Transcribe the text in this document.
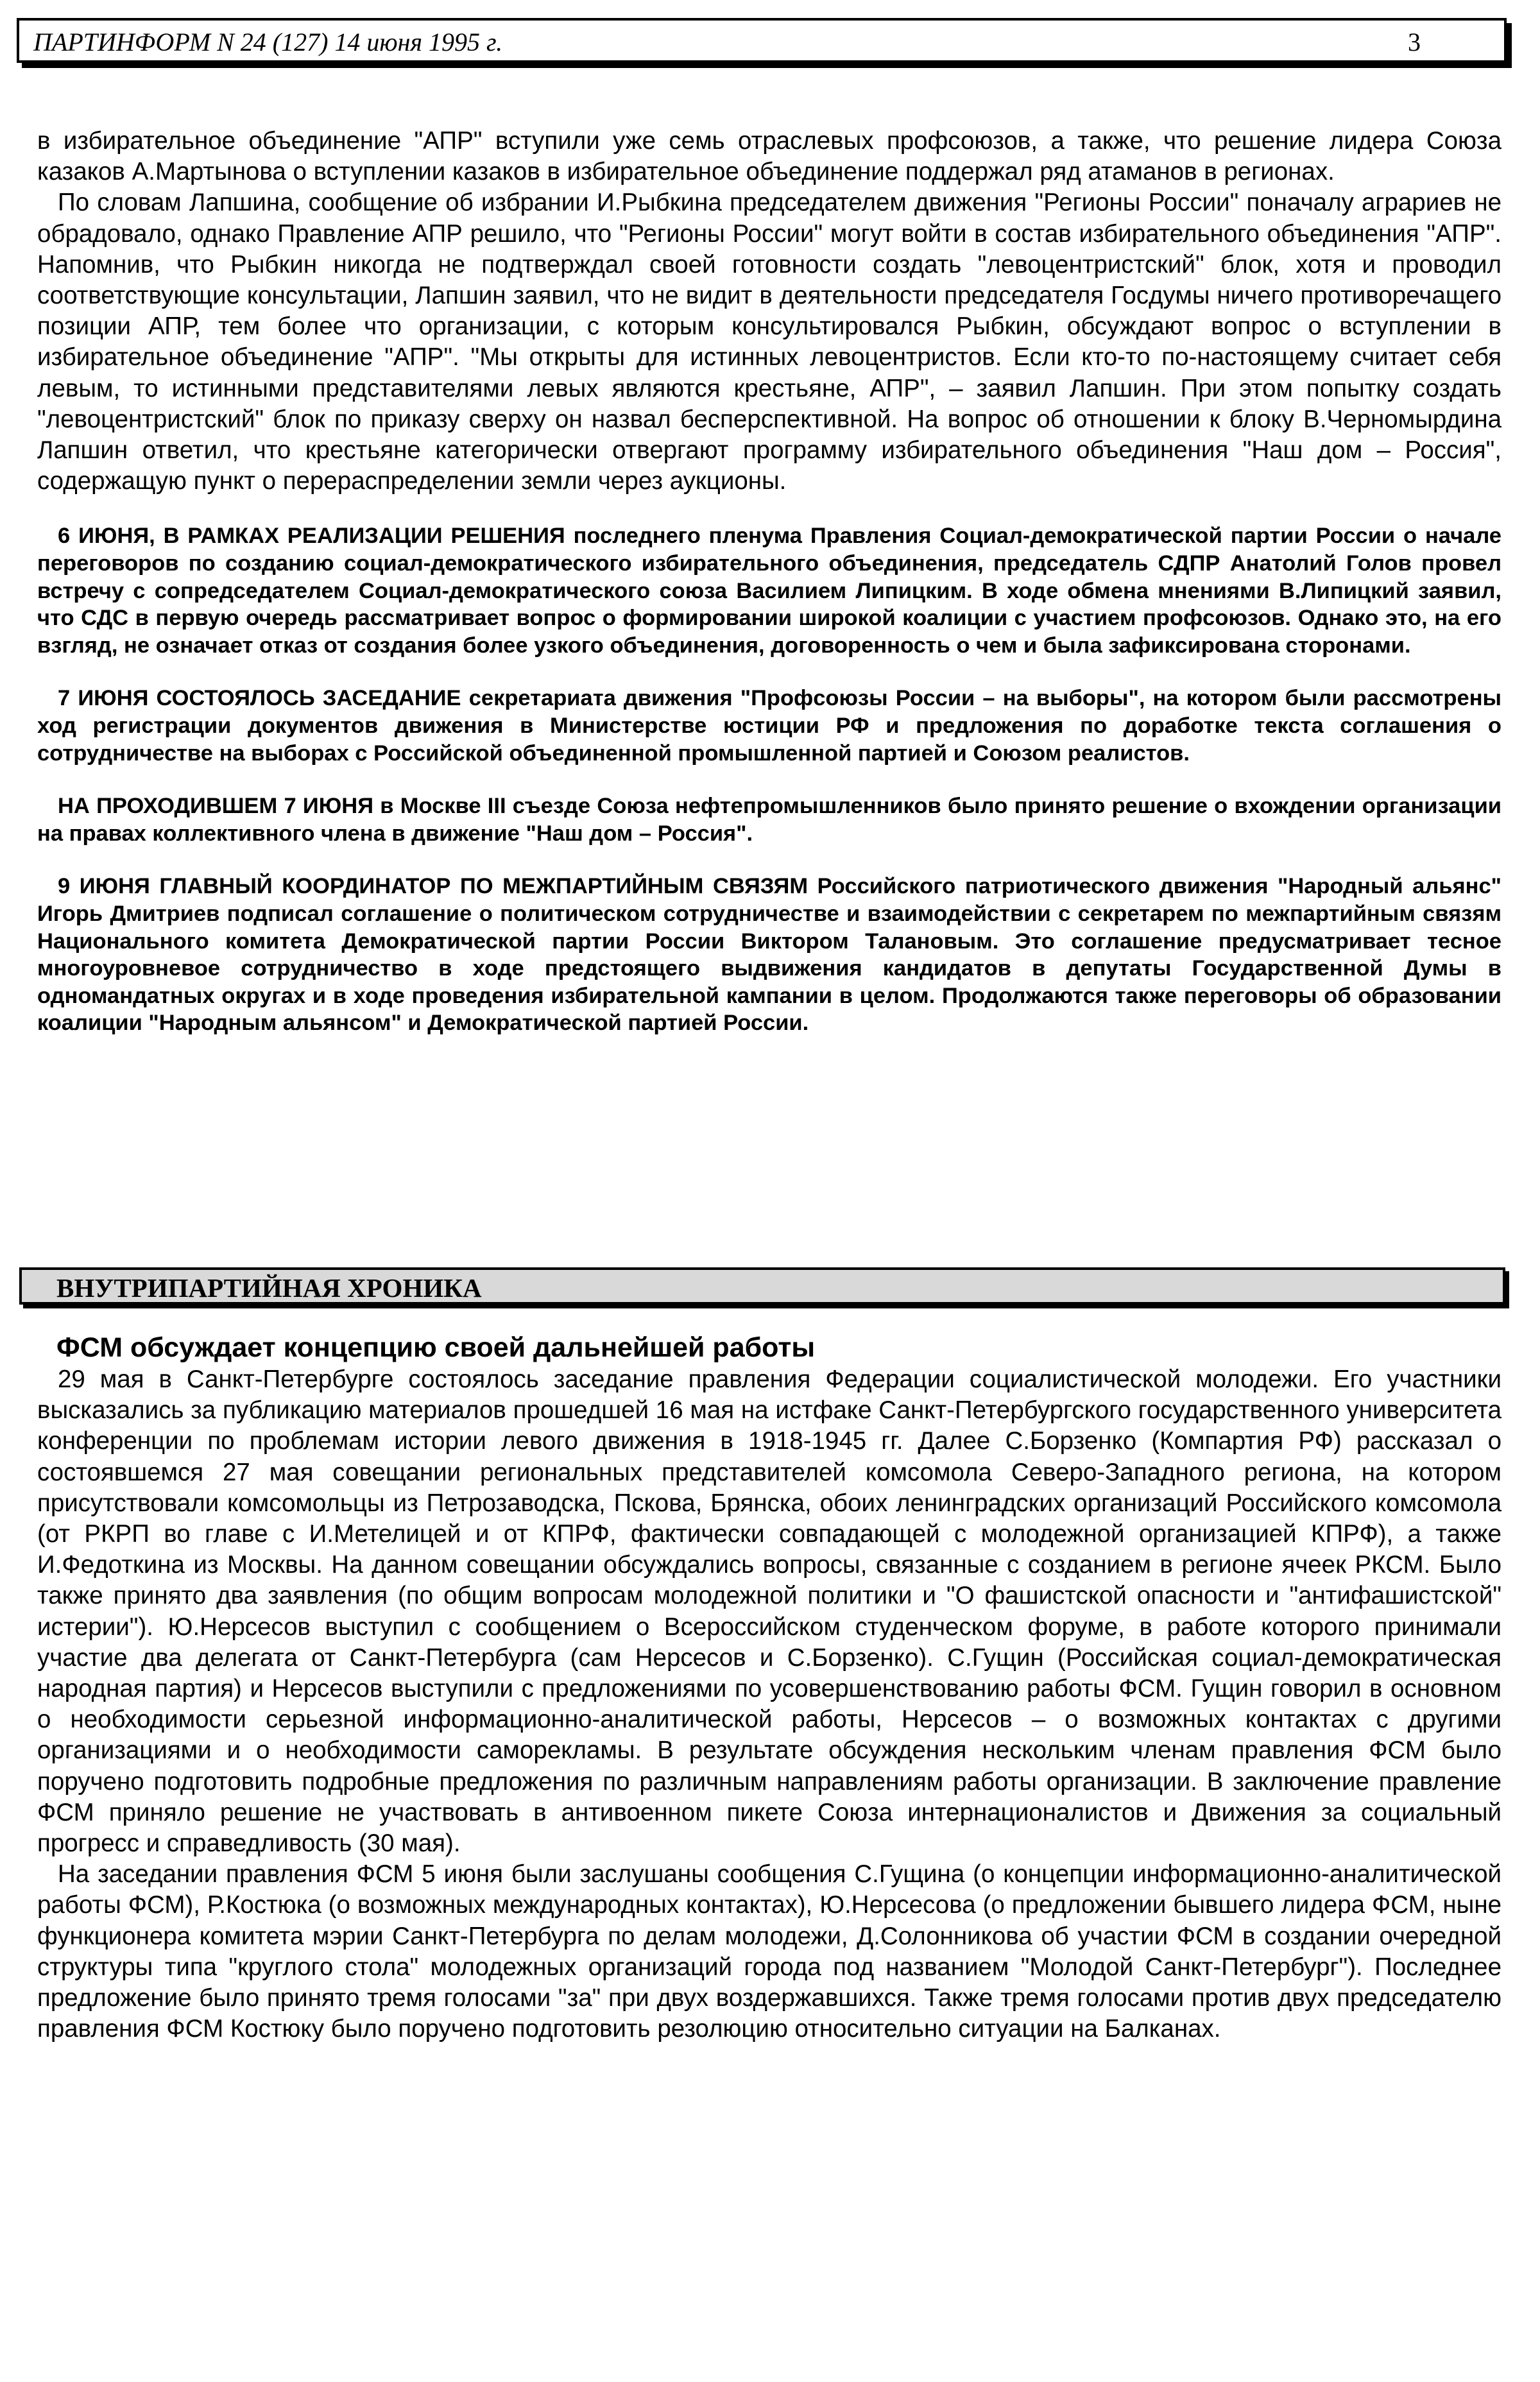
ПАРТИНФОРМ N 24 (127) 14 июня 1995 г.	3

в избирательное объединение "АПР" вступили уже семь отраслевых профсоюзов, а также, что решение лидера Союза казаков А.Мартынова о вступлении казаков в избирательное объединение поддержал ряд атаманов в регионах.

По словам Лапшина, сообщение об избрании И.Рыбкина председателем движения "Регионы России" поначалу аграриев не обрадовало, однако Правление АПР решило, что "Регионы России" могут войти в состав избирательного объединения "АПР". Напомнив, что Рыбкин никогда не подтверждал своей готовности создать "левоцентристский" блок, хотя и проводил соответствующие консультации, Лапшин заявил, что не видит в деятельности председателя Госдумы ничего противоречащего позиции АПР, тем более что организации, с которым консультировался Рыбкин, обсуждают вопрос о вступлении в избирательное объединение "АПР". "Мы открыты для истинных левоцентристов. Если кто-то по-настоящему считает себя левым, то истинными представителями левых являются крестьяне, АПР", – заявил Лапшин. При этом попытку создать "левоцентристский" блок по приказу сверху он назвал бесперспективной. На вопрос об отношении к блоку В.Черномырдина Лапшин ответил, что крестьяне категорически отвергают программу избирательного объединения "Наш дом – Россия", содержащую пункт о перераспределении земли через аукционы.

6 ИЮНЯ, В РАМКАХ РЕАЛИЗАЦИИ РЕШЕНИЯ последнего пленума Правления Социал-демократической партии России о начале переговоров по созданию социал-демократического избирательного объединения, председатель СДПР Анатолий Голов провел встречу с сопредседателем Социал-демократического союза Василием Липицким. В ходе обмена мнениями В.Липицкий заявил, что СДС в первую очередь рассматривает вопрос о формировании широкой коалиции с участием профсоюзов. Однако это, на его взгляд, не означает отказ от создания более узкого объединения, договоренность о чем и была зафиксирована сторонами.

7 ИЮНЯ СОСТОЯЛОСЬ ЗАСЕДАНИЕ секретариата движения "Профсоюзы России – на выборы", на котором были рассмотрены ход регистрации документов движения в Министерстве юстиции РФ и предложения по доработке текста соглашения о сотрудничестве на выборах с Российской объединенной промышленной партией и Союзом реалистов.

НА ПРОХОДИВШЕМ 7 ИЮНЯ в Москве III съезде Союза нефтепромышленников было принято решение о вхождении организации на правах коллективного члена в движение "Наш дом – Россия".

9 ИЮНЯ ГЛАВНЫЙ КООРДИНАТОР ПО МЕЖПАРТИЙНЫМ СВЯЗЯМ Российского патриотического движения "Народный альянс" Игорь Дмитриев подписал соглашение о политическом сотрудничестве и взаимодействии с секретарем по межпартийным связям Национального комитета Демократической партии России Виктором Талановым. Это соглашение предусматривает тесное многоуровневое сотрудничество в ходе предстоящего выдвижения кандидатов в депутаты Государственной Думы в одномандатных округах и в ходе проведения избирательной кампании в целом. Продолжаются также переговоры об образовании коалиции "Народным альянсом" и Демократической партией России.

ВНУТРИПАРТИЙНАЯ ХРОНИКА
ФСМ обсуждает концепцию своей дальнейшей работы

29 мая в Санкт-Петербурге состоялось заседание правления Федерации социалистической молодежи. Его участники высказались за публикацию материалов прошедшей 16 мая на истфаке Санкт-Петербургского государственного университета конференции по проблемам истории левого движения в 1918-1945 гг. Далее С.Борзенко (Компартия РФ) рассказал о состоявшемся 27 мая совещании региональных представителей комсомола Северо-Западного региона, на котором присутствовали комсомольцы из Петрозаводска, Пскова, Брянска, обоих ленинградских организаций Российского комсомола (от РКРП во главе с И.Метелицей и от КПРФ, фактически совпадающей с молодежной организацией КПРФ), а также И.Федоткина из Москвы. На данном совещании обсуждались вопросы, связанные с созданием в регионе ячеек РКСМ. Было также принято два заявления (по общим вопросам молодежной политики и "О фашистской опасности и "антифашистской" истерии"). Ю.Нерсесов выступил с сообщением о Всероссийском студенческом форуме, в работе которого принимали участие два делегата от Санкт-Петербурга (сам Нерсесов и С.Борзенко). С.Гущин (Российская социал-демократическая народная партия) и Нерсесов выступили с предложениями по усовершенствованию работы ФСМ. Гущин говорил в основном о необходимости серьезной информационно-аналитической работы, Нерсесов – о возможных контактах с другими организациями и о необходимости саморекламы. В результате обсуждения нескольким членам правления ФСМ было поручено подготовить подробные предложения по различным направлениям работы организации. В заключение правление ФСМ приняло решение не участвовать в антивоенном пикете Союза интернационалистов и Движения за социальный прогресс и справедливость (30 мая).

На заседании правления ФСМ 5 июня были заслушаны сообщения С.Гущина (о концепции информационно-аналитической работы ФСМ), Р.Костюка (о возможных международных контактах), Ю.Нерсесова (о предложении бывшего лидера ФСМ, ныне функционера комитета мэрии Санкт-Петербурга по делам молодежи, Д.Солонникова об участии ФСМ в создании очередной структуры типа "круглого стола" молодежных организаций города под названием "Молодой Санкт-Петербург"). Последнее предложение было принято тремя голосами "за" при двух воздержавшихся. Также тремя голосами против двух председателю правления ФСМ Костюку было поручено подготовить резолюцию относительно ситуации на Балканах.
